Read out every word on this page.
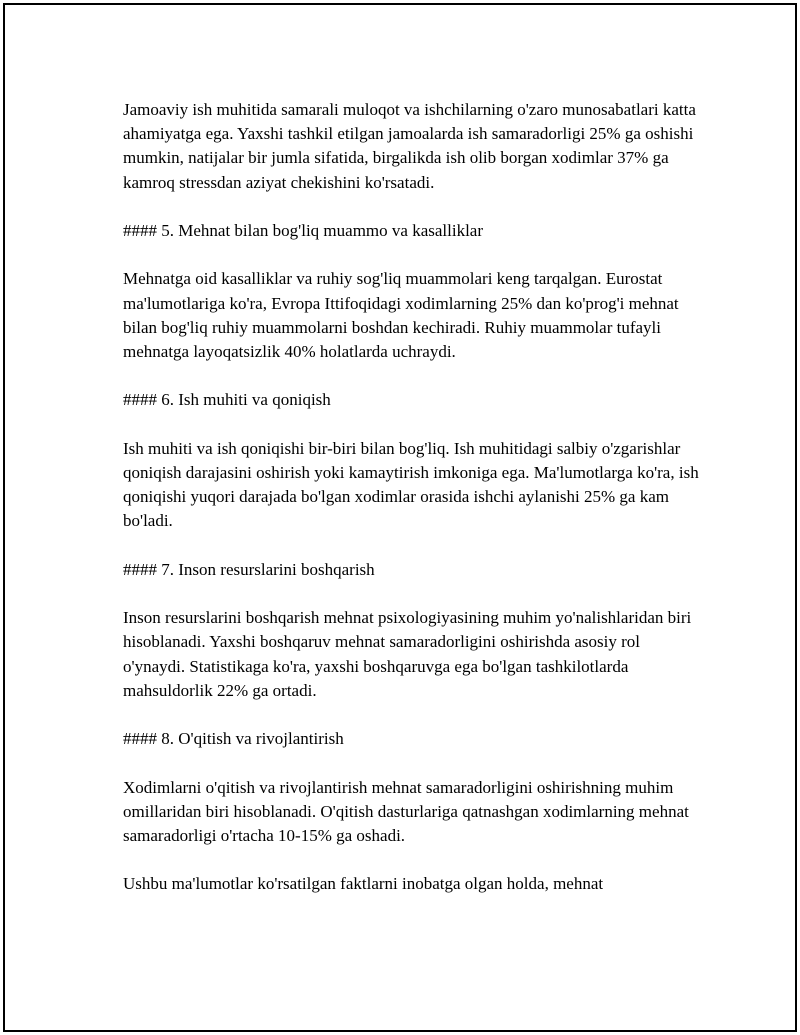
Jamoaviy ish muhitida samarali muloqot va ishchilarning o'zaro munosabatlari katta ahamiyatga ega. Yaxshi tashkil etilgan jamoalarda ish samaradorligi 25% ga oshishi mumkin, natijalar bir jumla sifatida, birgalikda ish olib borgan xodimlar 37% ga kamroq stressdan aziyat chekishini ko'rsatadi.

#### 5. Mehnat bilan bog'liq muammo va kasalliklar

Mehnatga oid kasalliklar va ruhiy sog'liq muammolari keng tarqalgan. Eurostat ma'lumotlariga ko'ra, Evropa Ittifoqidagi xodimlarning 25% dan ko'prog'i mehnat bilan bog'liq ruhiy muammolarni boshdan kechiradi. Ruhiy muammolar tufayli mehnatga layoqatsizlik 40% holatlarda uchraydi.

#### 6. Ish muhiti va qoniqish

Ish muhiti va ish qoniqishi bir-biri bilan bog'liq. Ish muhitidagi salbiy o'zgarishlar qoniqish darajasini oshirish yoki kamaytirish imkoniga ega. Ma'lumotlarga ko'ra, ish qoniqishi yuqori darajada bo'lgan xodimlar orasida ishchi aylanishi 25% ga kam bo'ladi.

#### 7. Inson resurslarini boshqarish

Inson resurslarini boshqarish mehnat psixologiyasining muhim yo'nalishlaridan biri hisoblanadi. Yaxshi boshqaruv mehnat samaradorligini oshirishda asosiy rol o'ynaydi. Statistikaga ko'ra, yaxshi boshqaruvga ega bo'lgan tashkilotlarda mahsuldorlik 22% ga ortadi.

#### 8. O'qitish va rivojlantirish

Xodimlarni o'qitish va rivojlantirish mehnat samaradorligini oshirishning muhim omillaridan biri hisoblanadi. O'qitish dasturlariga qatnashgan xodimlarning mehnat samaradorligi o'rtacha 10-15% ga oshadi.

Ushbu ma'lumotlar ko'rsatilgan faktlarni inobatga olgan holda, mehnat
